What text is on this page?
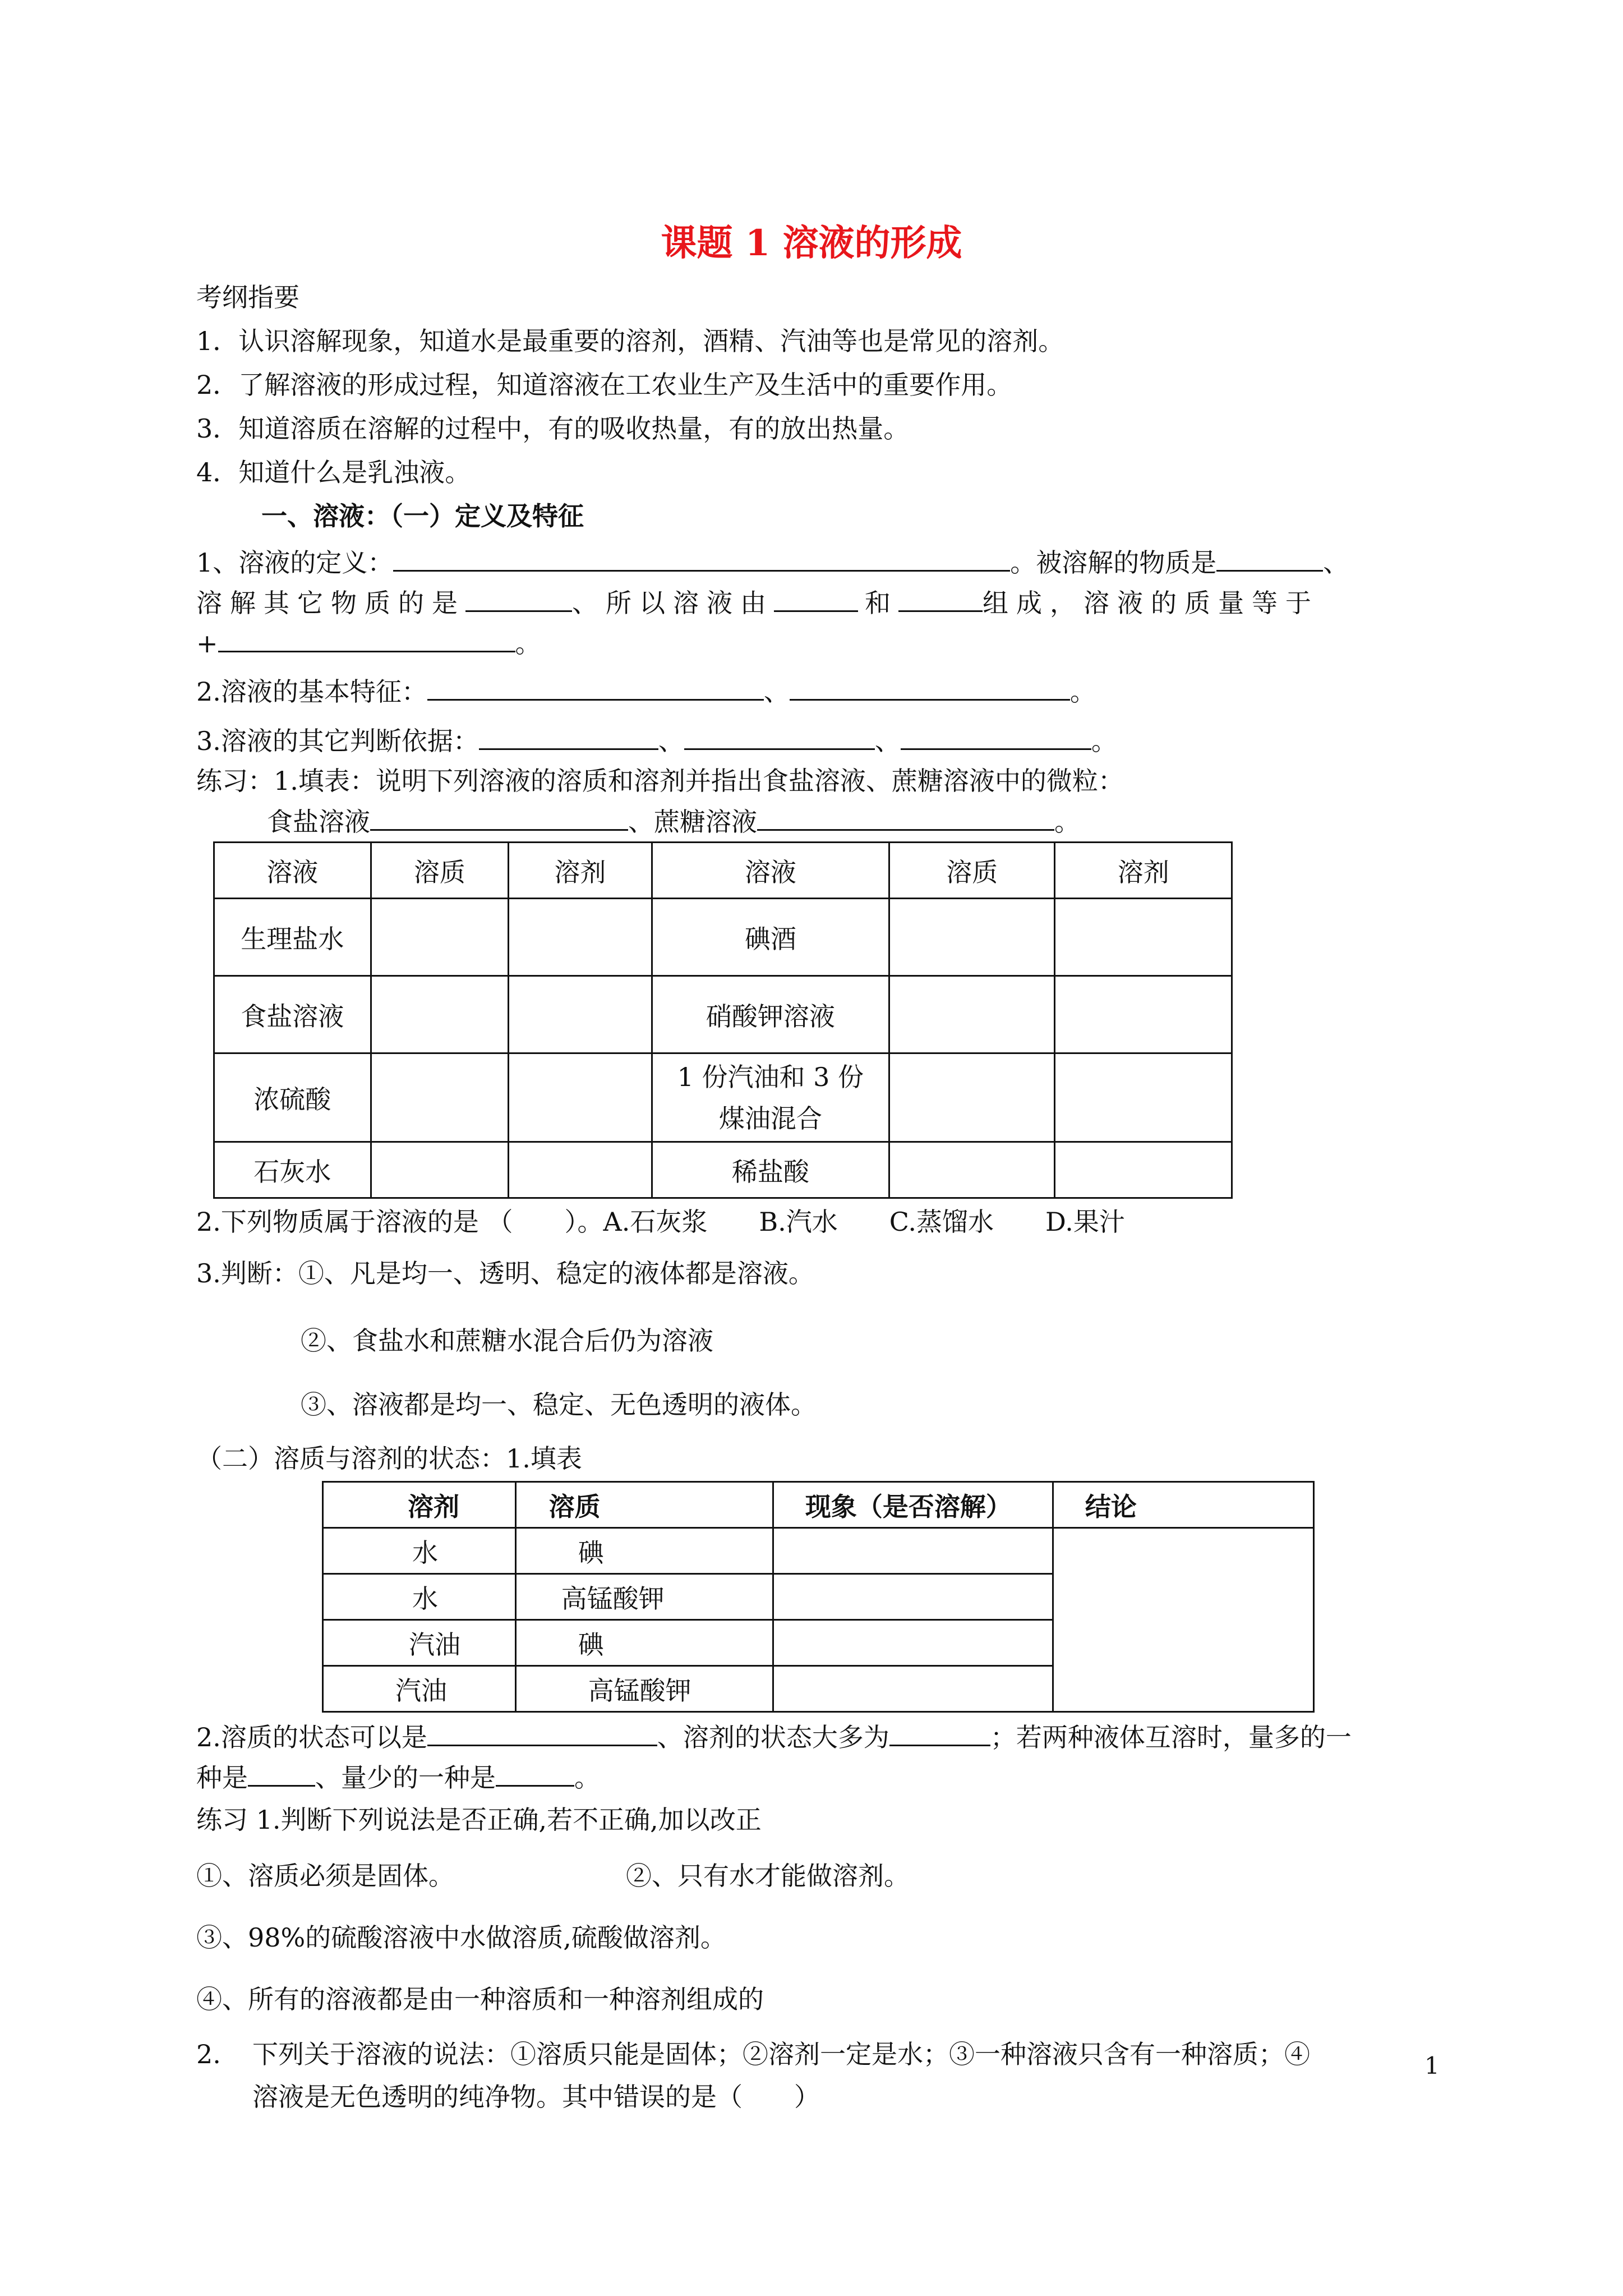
课题 1 溶液的形成
考纲指要
1．认识溶解现象，知道水是最重要的溶剂，酒精、汽油等也是常见的溶剂。
2．了解溶液的形成过程，知道溶液在工农业生产及生活中的重要作用。
3．知道溶质在溶解的过程中，有的吸收热量，有的放出热量。
4．知道什么是乳浊液。
一、溶液：（一）定义及特征
1、溶液的定义：	。被溶解的物质是	、
溶解其它物质的是	、所以溶液由	和	组成，溶液的质量等于
+	。
2.溶液的基本特征：	、	。
3.溶液的其它判断依据：	、	、	。
练习：1.填表：说明下列溶液的溶质和溶剂并指出食盐溶液、蔗糖溶液中的微粒：
食盐溶液	、蔗糖溶液	。
溶液	溶质	溶剂	溶液	溶质	溶剂
生理盐水			碘酒		
食盐溶液			硝酸钾溶液		
浓硫酸			1 份汽油和 3 份
煤油混合		

石灰水			稀盐酸		
2.下列物质属于溶液的是 （　　）。A.石灰浆　　B.汽水　　C.蒸馏水　　D.果汁
3.判断：①、凡是均一、透明、稳定的液体都是溶液。
②、食盐水和蔗糖水混合后仍为溶液
③、溶液都是均一、稳定、无色透明的液体。
（二）溶质与溶剂的状态：1.填表
溶剂	溶质	现象（是否溶解）	结论
水	碘		
水	高锰酸钾		
汽油	碘		
汽油	高锰酸钾		
2.溶质的状态可以是	、溶剂的状态大多为	；若两种液体互溶时，量多的一
种是	、量少的一种是	。
练习 1.判断下列说法是否正确,若不正确,加以改正
①、溶质必须是固体。	②、只有水才能做溶剂。
③、98%的硫酸溶液中水做溶质,硫酸做溶剂。
④、所有的溶液都是由一种溶质和一种溶剂组成的
2. 下列关于溶液的说法：①溶质只能是固体；②溶剂一定是水；③一种溶液只含有一种溶质；④
溶液是无色透明的纯净物。其中错误的是（　　）
1
